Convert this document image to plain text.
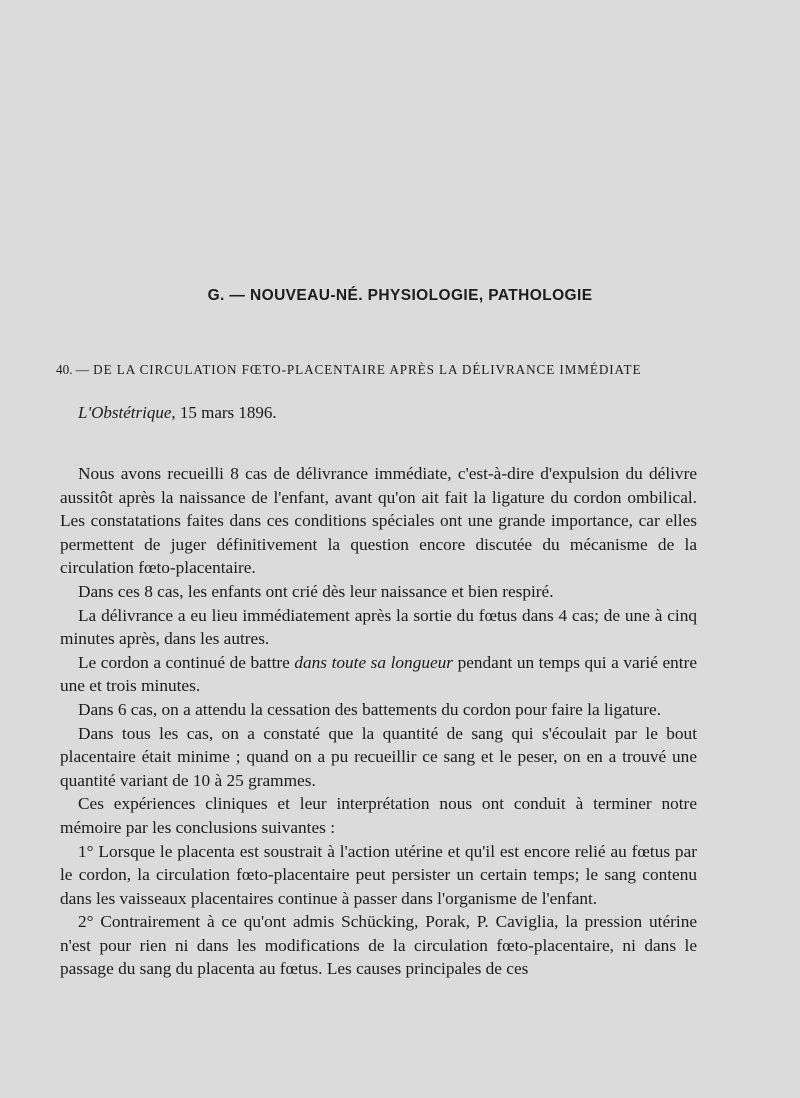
G. — NOUVEAU-NÉ. PHYSIOLOGIE, PATHOLOGIE
40. — DE LA CIRCULATION FŒTO-PLACENTAIRE APRÈS LA DÉLIVRANCE IMMÉDIATE
L'Obstétrique, 15 mars 1896.

Nous avons recueilli 8 cas de délivrance immédiate, c'est-à-dire d'expulsion du délivre aussitôt après la naissance de l'enfant, avant qu'on ait fait la ligature du cordon ombilical. Les constatations faites dans ces conditions spéciales ont une grande importance, car elles permettent de juger définitivement la question encore discutée du mécanisme de la circulation fœto-placentaire.

Dans ces 8 cas, les enfants ont crié dès leur naissance et bien respiré.

La délivrance a eu lieu immédiatement après la sortie du fœtus dans 4 cas; de une à cinq minutes après, dans les autres.

Le cordon a continué de battre dans toute sa longueur pendant un temps qui a varié entre une et trois minutes.

Dans 6 cas, on a attendu la cessation des battements du cordon pour faire la ligature.

Dans tous les cas, on a constaté que la quantité de sang qui s'écoulait par le bout placentaire était minime ; quand on a pu recueillir ce sang et le peser, on en a trouvé une quantité variant de 10 à 25 grammes.

Ces expériences cliniques et leur interprétation nous ont conduit à terminer notre mémoire par les conclusions suivantes :

1° Lorsque le placenta est soustrait à l'action utérine et qu'il est encore relié au fœtus par le cordon, la circulation fœto-placentaire peut persister un certain temps; le sang contenu dans les vaisseaux placentaires continue à passer dans l'organisme de l'enfant.

2° Contrairement à ce qu'ont admis Schücking, Porak, P. Caviglia, la pression utérine n'est pour rien ni dans les modifications de la circulation fœto-placentaire, ni dans le passage du sang du placenta au fœtus. Les causes principales de ces
